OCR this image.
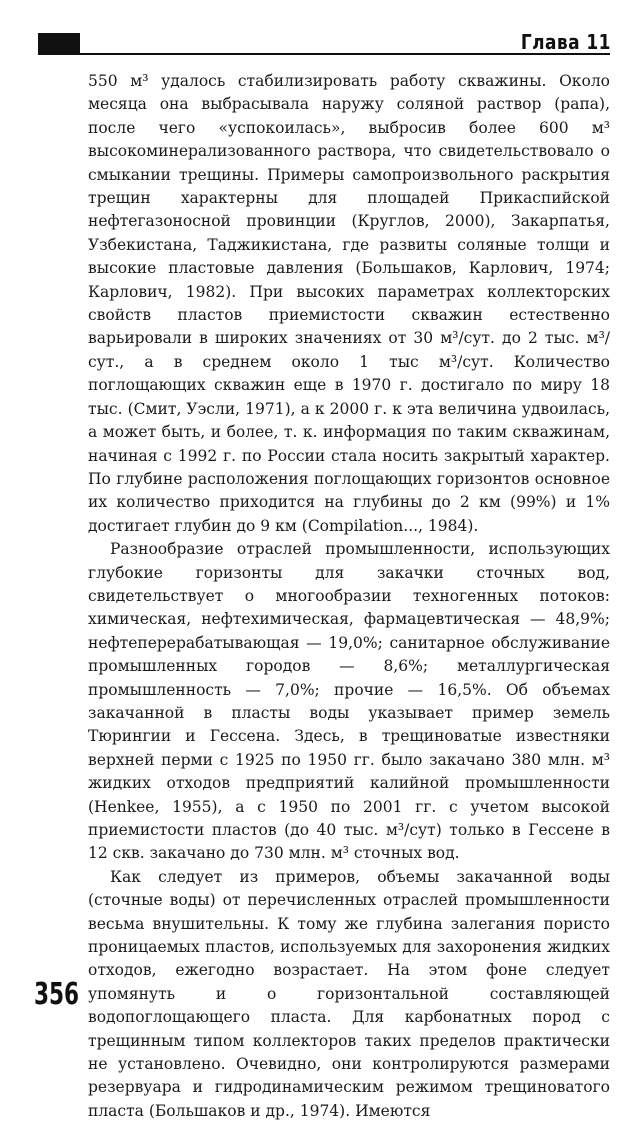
Глава 11

550 м³ удалось стабилизировать работу скважины. Около месяца она выбрасывала наружу соляной раствор (рапа), после чего «успокоилась», выбросив более 600 м³ высокоминерализованного раствора, что свидетельствовало о смыкании трещины. Примеры самопроизвольного раскрытия трещин характерны для площадей Прикаспийской нефтегазоносной провинции (Круглов, 2000), Закарпатья, Узбекистана, Таджикистана, где развиты соляные толщи и высокие пластовые давления (Большаков, Карлович, 1974; Карлович, 1982). При высоких параметрах коллекторских свойств пластов приемистости скважин естественно варьировали в широких значениях от 30 м³/сут. до 2 тыс. м³/сут., а в среднем около 1 тыс м³/сут. Количество поглощающих скважин еще в 1970 г. достигало по миру 18 тыс. (Смит, Уэсли, 1971), а к 2000 г. к эта величина удвоилась, а может быть, и более, т. к. информация по таким скважинам, начиная с 1992 г. по России стала носить закрытый характер. По глубине расположения поглощающих горизонтов основное их количество приходится на глубины до 2 км (99%) и 1% достигает глубин до 9 км (Compilation..., 1984).

Разнообразие отраслей промышленности, использующих глубокие горизонты для закачки сточных вод, свидетельствует о многообразии техногенных потоков: химическая, нефтехимическая, фармацевтическая — 48,9%; нефтеперерабатывающая — 19,0%; санитарное обслуживание промышленных городов — 8,6%; металлургическая промышленность — 7,0%; прочие — 16,5%. Об объемах закачанной в пласты воды указывает пример земель Тюрингии и Гессена. Здесь, в трещиноватые известняки верхней перми с 1925 по 1950 гг. было закачано 380 млн. м³ жидких отходов предприятий калийной промышленности (Henkee, 1955), а с 1950 по 2001 гг. с учетом высокой приемистости пластов (до 40 тыс. м³/сут) только в Гессене в 12 скв. закачано до 730 млн. м³ сточных вод.

Как следует из примеров, объемы закачанной воды (сточные воды) от перечисленных отраслей промышленности весьма внушительны. К тому же глубина залегания пористо проницаемых пластов, используемых для захоронения жидких отходов, ежегодно возрастает. На этом фоне следует упомянуть и о горизонтальной составляющей водопоглощающего пласта. Для карбонатных пород с трещинным типом коллекторов таких пределов практически не установлено. Очевидно, они контролируются размерами резервуара и гидродинамическим режимом трещиноватого пласта (Большаков и др., 1974). Имеются

356
